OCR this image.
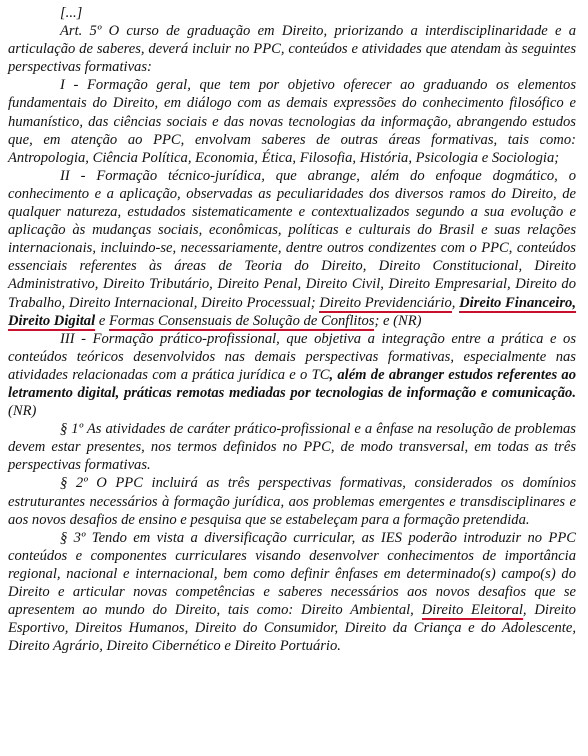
[...]

Art. 5º O curso de graduação em Direito, priorizando a interdisciplinaridade e a articulação de saberes, deverá incluir no PPC, conteúdos e atividades que atendam às seguintes perspectivas formativas:

I - Formação geral, que tem por objetivo oferecer ao graduando os elementos fundamentais do Direito, em diálogo com as demais expressões do conhecimento filosófico e humanístico, das ciências sociais e das novas tecnologias da informação, abrangendo estudos que, em atenção ao PPC, envolvam saberes de outras áreas formativas, tais como: Antropologia, Ciência Política, Economia, Ética, Filosofia, História, Psicologia e Sociologia;

II - Formação técnico-jurídica, que abrange, além do enfoque dogmático, o conhecimento e a aplicação, observadas as peculiaridades dos diversos ramos do Direito, de qualquer natureza, estudados sistematicamente e contextualizados segundo a sua evolução e aplicação às mudanças sociais, econômicas, políticas e culturais do Brasil e suas relações internacionais, incluindo-se, necessariamente, dentre outros condizentes com o PPC, conteúdos essenciais referentes às áreas de Teoria do Direito, Direito Constitucional, Direito Administrativo, Direito Tributário, Direito Penal, Direito Civil, Direito Empresarial, Direito do Trabalho, Direito Internacional, Direito Processual; Direito Previdenciário, Direito Financeiro, Direito Digital e Formas Consensuais de Solução de Conflitos; e (NR)

III - Formação prático-profissional, que objetiva a integração entre a prática e os conteúdos teóricos desenvolvidos nas demais perspectivas formativas, especialmente nas atividades relacionadas com a prática jurídica e o TC, além de abranger estudos referentes ao letramento digital, práticas remotas mediadas por tecnologias de informação e comunicação. (NR)

§ 1º As atividades de caráter prático-profissional e a ênfase na resolução de problemas devem estar presentes, nos termos definidos no PPC, de modo transversal, em todas as três perspectivas formativas.

§ 2º O PPC incluirá as três perspectivas formativas, considerados os domínios estruturantes necessários à formação jurídica, aos problemas emergentes e transdisciplinares e aos novos desafios de ensino e pesquisa que se estabeleçam para a formação pretendida.

§ 3º Tendo em vista a diversificação curricular, as IES poderão introduzir no PPC conteúdos e componentes curriculares visando desenvolver conhecimentos de importância regional, nacional e internacional, bem como definir ênfases em determinado(s) campo(s) do Direito e articular novas competências e saberes necessários aos novos desafios que se apresentem ao mundo do Direito, tais como: Direito Ambiental, Direito Eleitoral, Direito Esportivo, Direitos Humanos, Direito do Consumidor, Direito da Criança e do Adolescente, Direito Agrário, Direito Cibernético e Direito Portuário.
